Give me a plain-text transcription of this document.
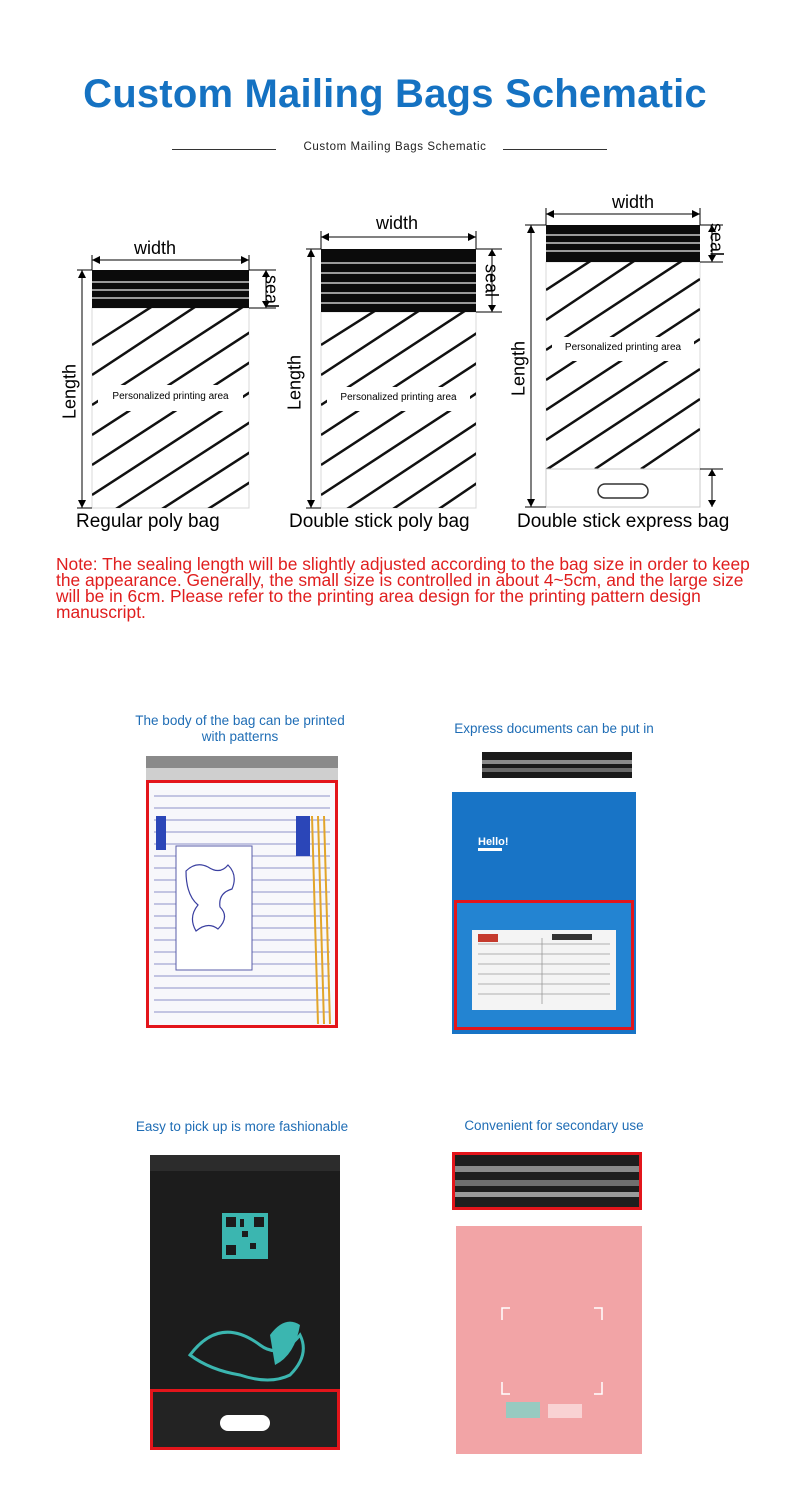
Custom Mailing Bags Schematic
Custom Mailing Bags Schematic
width
Length
seal
Personalized printing area
Regular poly bag
width
Length
seal
Personalized printing area
Double stick poly bag
width
Length
seal
Personalized printing area
Double stick express bag
Note: The sealing length will be slightly adjusted according to the bag size in order to keep the appearance. Generally, the small size is controlled in about 4~5cm, and the large size will be in 6cm. Please refer to the printing area design for the printing pattern design manuscript.
The body of the bag can be printed with patterns
Express documents can be put in
Hello!
Easy to pick up is more fashionable	Convenient for secondary use
